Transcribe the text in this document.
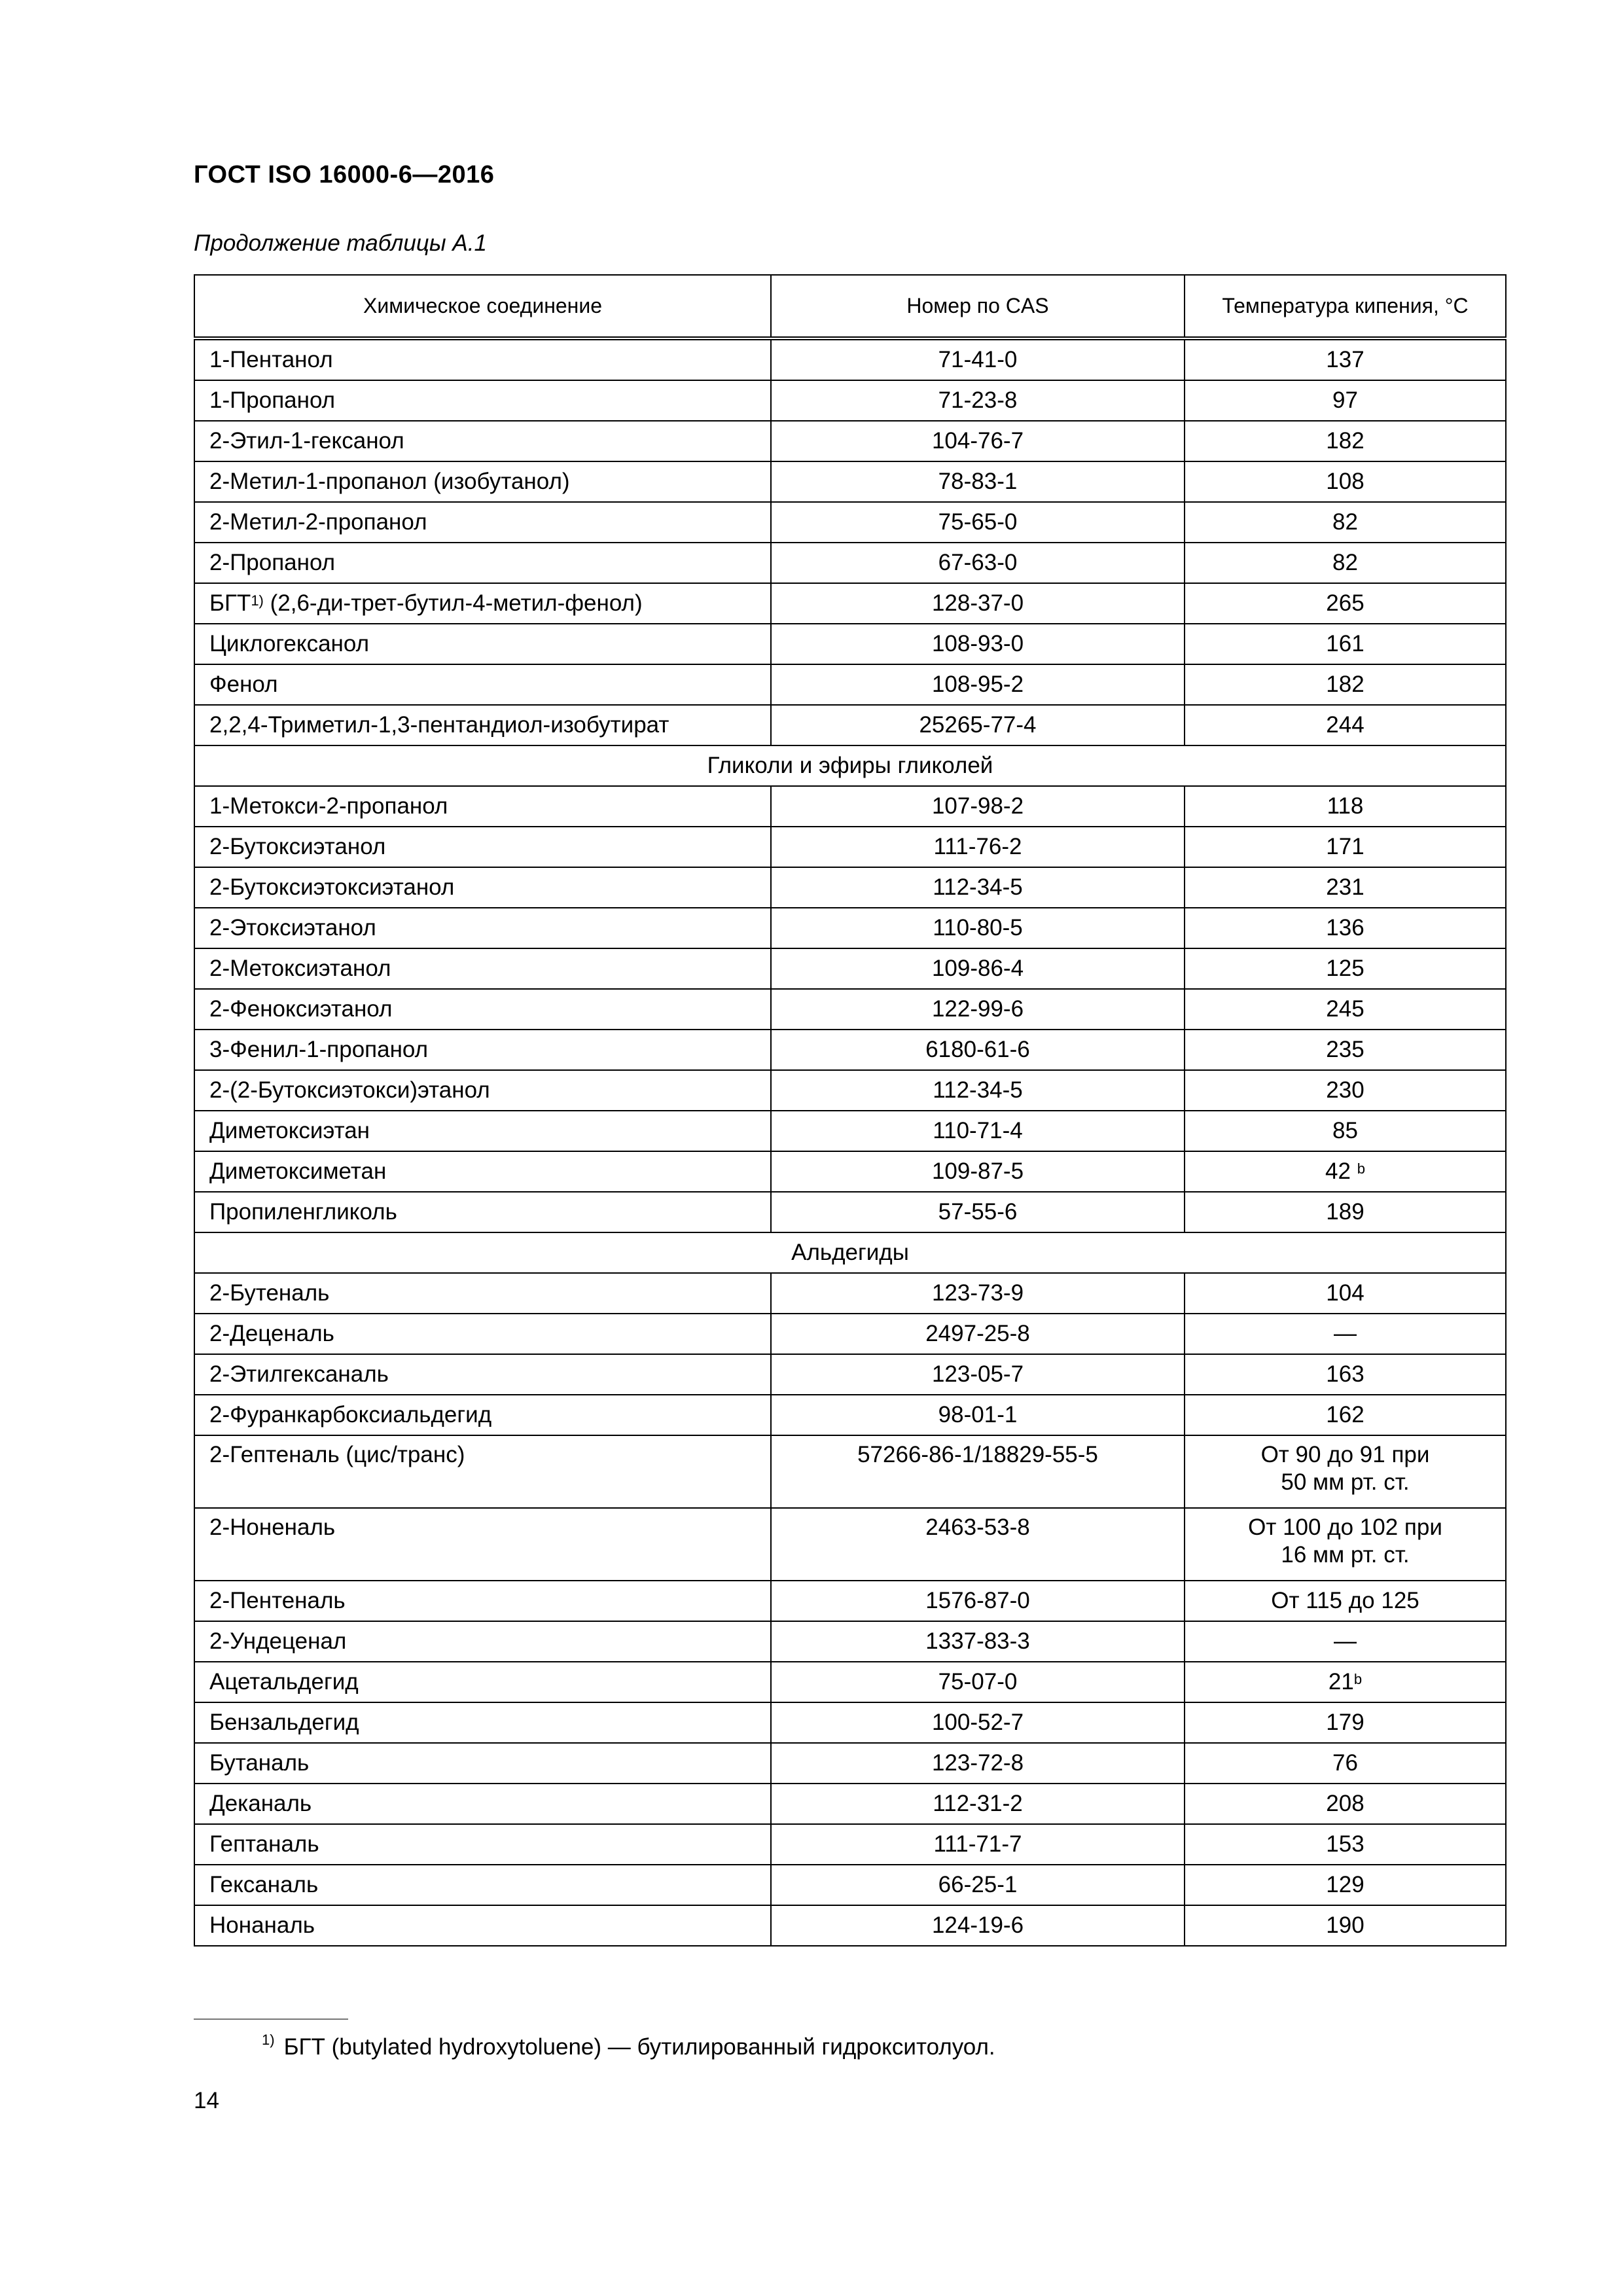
ГОСТ ISO 16000-6—2016
Продолжение таблицы А.1
Химическое соединение	Номер по CAS	Температура кипения, °C
1-Пентанол	71-41-0	137
1-Пропанол	71-23-8	97
2-Этил-1-гексанол	104-76-7	182
2-Метил-1-пропанол (изобутанол)	78-83-1	108
2-Метил-2-пропанол	75-65-0	82
2-Пропанол	67-63-0	82
БГТ$^{1)}$ (2,6-ди-трет-бутил-4-метил-фенол)	128-37-0	265
Циклогексанол	108-93-0	161
Фенол	108-95-2	182
2,2,4-Триметил-1,3-пентандиол-изобутират	25265-77-4	244
Гликоли и эфиры гликолей		
1-Метокси-2-пропанол	107-98-2	118
2-Бутоксиэтанол	111-76-2	171
2-Бутоксиэтоксиэтанол	112-34-5	231
2-Этоксиэтанол	110-80-5	136
2-Метоксиэтанол	109-86-4	125
2-Феноксиэтанол	122-99-6	245
3-Фенил-1-пропанол	6180-61-6	235
2-(2-Бутоксиэтокси)этанол	112-34-5	230
Диметоксиэтан	110-71-4	85
Диметоксиметан	109-87-5	42 $^b$
Пропиленгликоль	57-55-6	189
Альдегиды		
2-Бутеналь	123-73-9	104
2-Деценаль	2497-25-8	—
2-Этилгексаналь	123-05-7	163
2-Фуранкарбоксиальдегид	98-01-1	162
2-Гептеналь (цис/транс)	57266-86-1/18829-55-5	От 90 до 91 при
50 мм рт. ст.
2-Ноненаль	2463-53-8	От 100 до 102 при
16 мм рт. ст.
2-Пентеналь	1576-87-0	От 115 до 125
2-Ундеценал	1337-83-3	—
Ацетальдегид	75-07-0	21$^b$
Бензальдегид	100-52-7	179
Бутаналь	123-72-8	76
Деканаль	112-31-2	208
Гептаналь	111-71-7	153
Гексаналь	66-25-1	129
Нонаналь	124-19-6	190
$^{1)}$ БГТ (butylated hydroxytoluene) — бутилированный гидрокситолуол.
14
